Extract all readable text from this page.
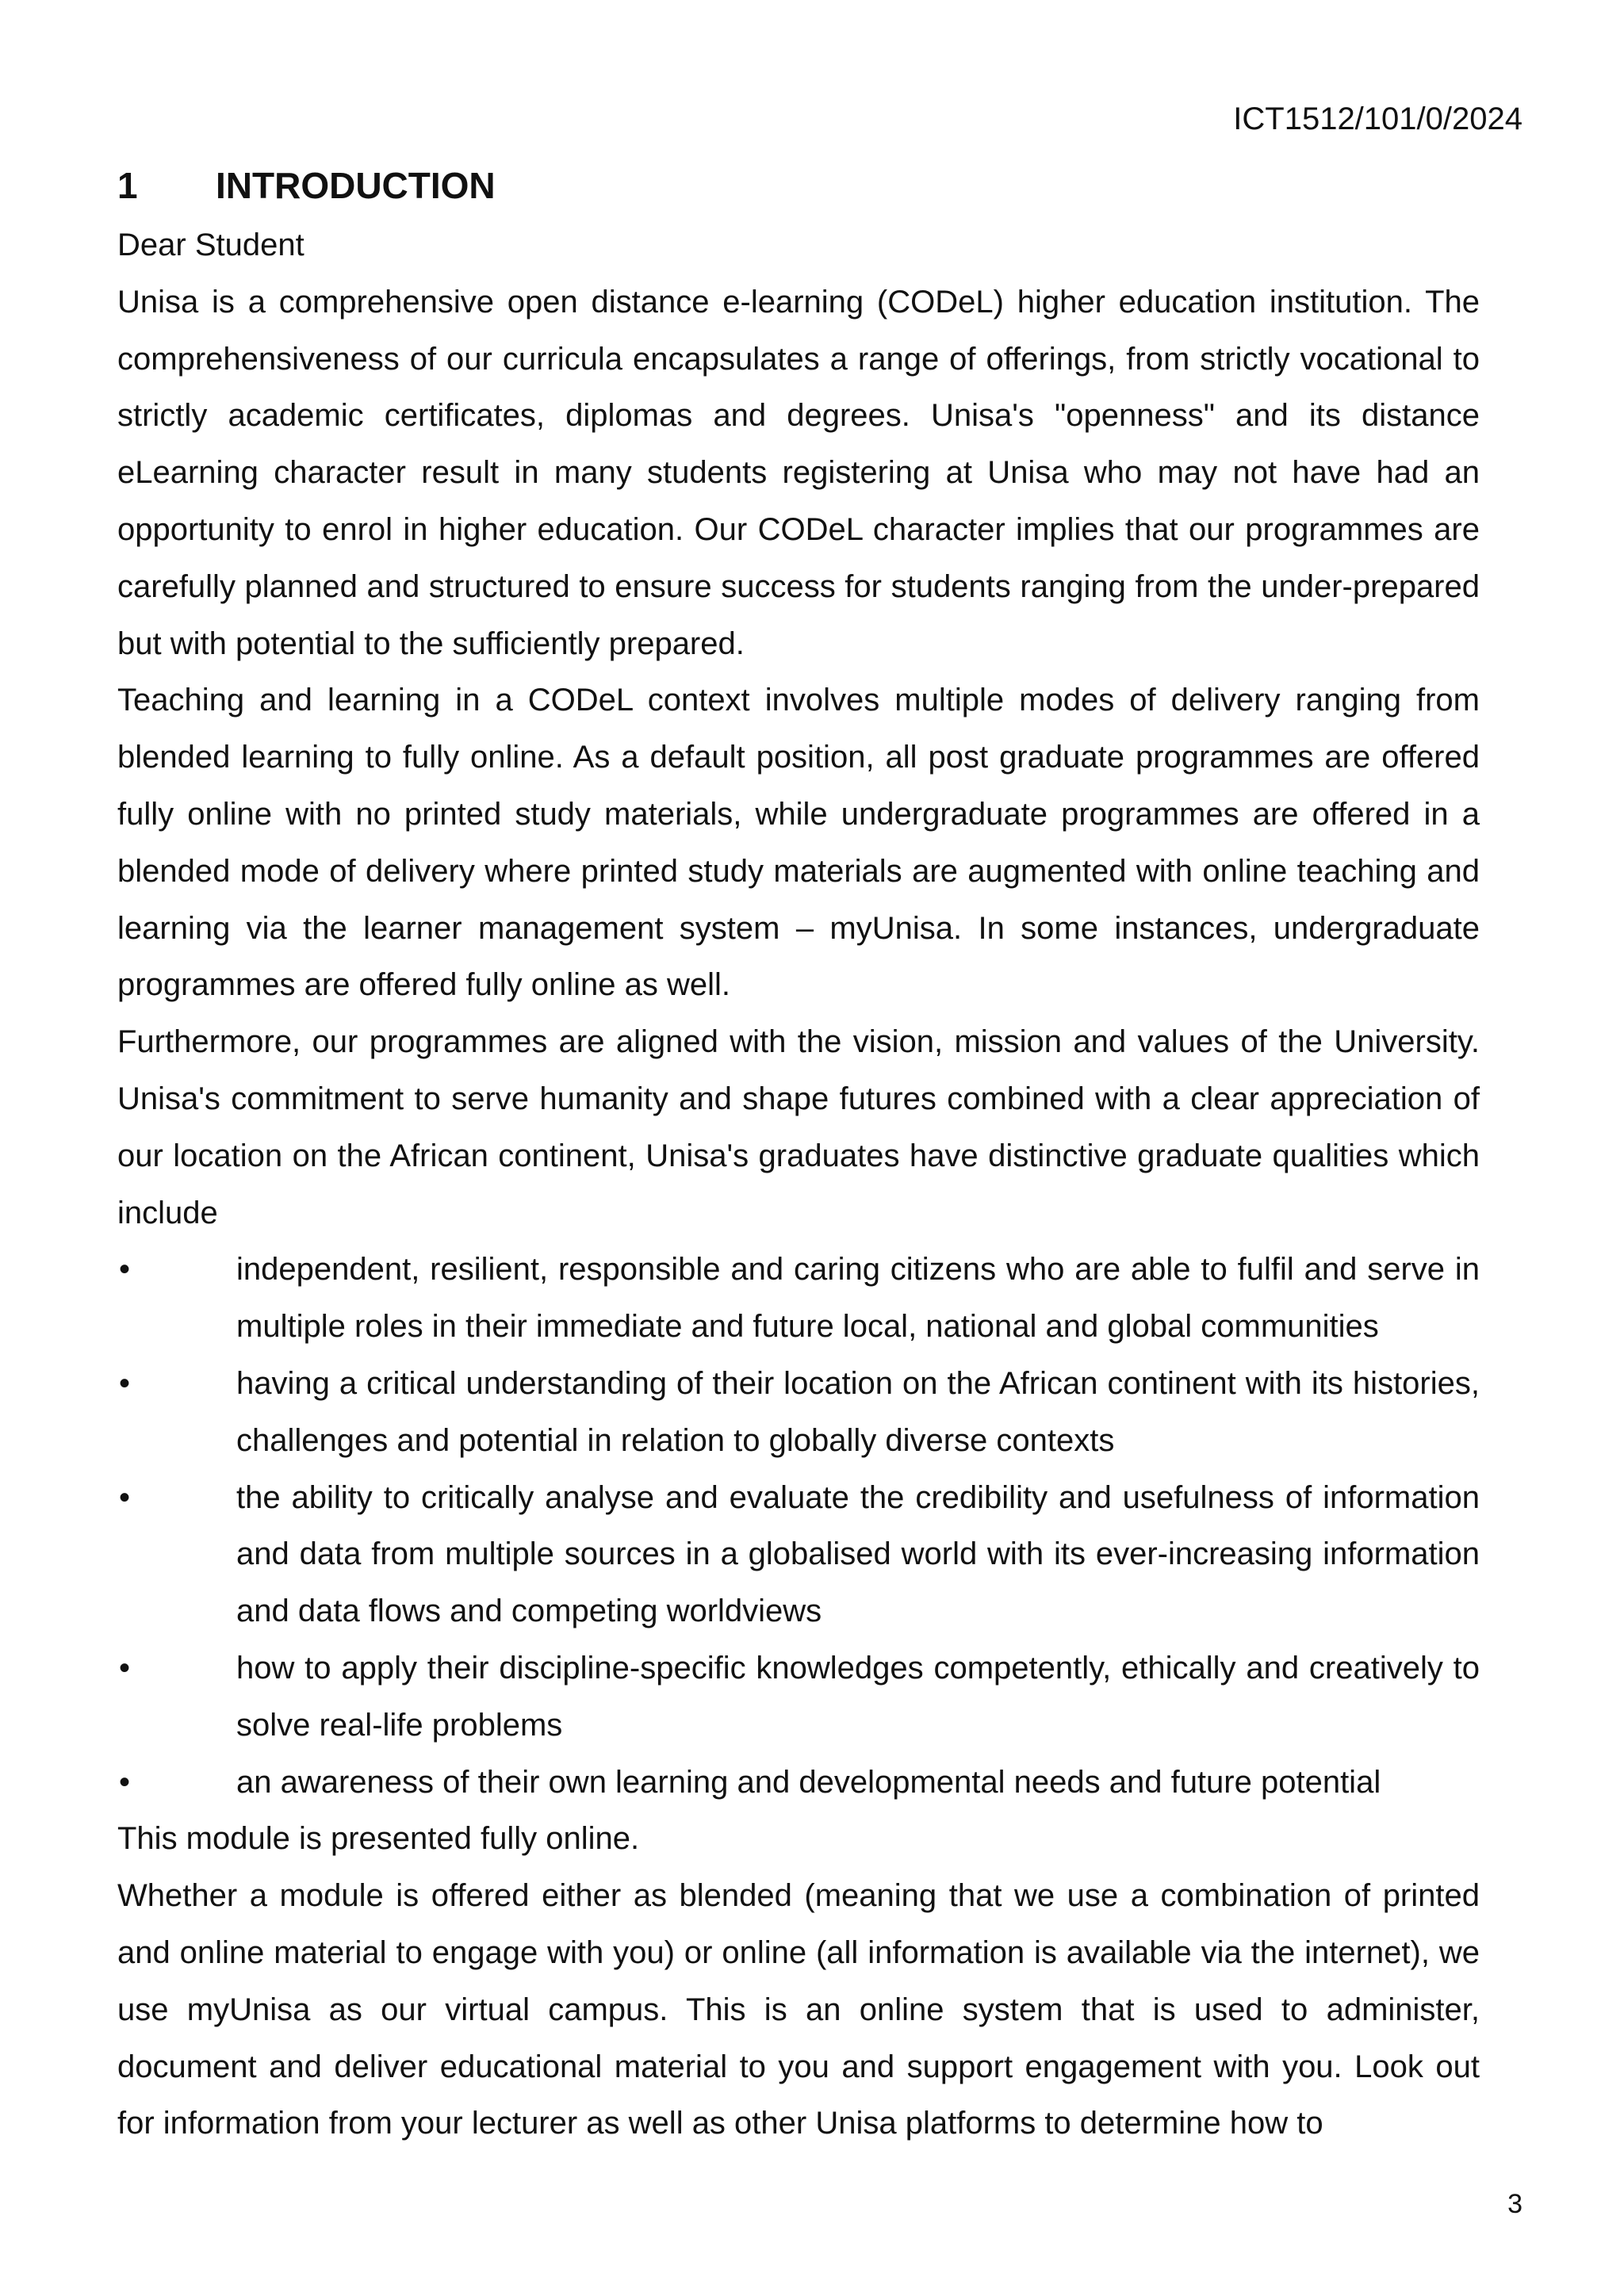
ICT1512/101/0/2024

1	INTRODUCTION

Dear Student

Unisa is a comprehensive open distance e-learning (CODeL) higher education institution. The comprehensiveness of our curricula encapsulates a range of offerings, from strictly vocational to strictly academic certificates, diplomas and degrees. Unisa's "openness" and its distance eLearning character result in many students registering at Unisa who may not have had an opportunity to enrol in higher education. Our CODeL character implies that our programmes are carefully planned and structured to ensure success for students ranging from the under-prepared but with potential to the sufficiently prepared.

Teaching and learning in a CODeL context involves multiple modes of delivery ranging from blended learning to fully online. As a default position, all post graduate programmes are offered fully online with no printed study materials, while undergraduate programmes are offered in a blended mode of delivery where printed study materials are augmented with online teaching and learning via the learner management system – myUnisa. In some instances, undergraduate programmes are offered fully online as well.

Furthermore, our programmes are aligned with the vision, mission and values of the University. Unisa's commitment to serve humanity and shape futures combined with a clear appreciation of our location on the African continent, Unisa's graduates have distinctive graduate qualities which include

•	independent, resilient, responsible and caring citizens who are able to fulfil and serve in multiple roles in their immediate and future local, national and global communities
•	having a critical understanding of their location on the African continent with its histories, challenges and potential in relation to globally diverse contexts
•	the ability to critically analyse and evaluate the credibility and usefulness of information and data from multiple sources in a globalised world with its ever-increasing information and data flows and competing worldviews
•	how to apply their discipline-specific knowledges competently, ethically and creatively to solve real-life problems
•	an awareness of their own learning and developmental needs and future potential

This module is presented fully online.

Whether a module is offered either as blended (meaning that we use a combination of printed and online material to engage with you) or online (all information is available via the internet), we use myUnisa as our virtual campus. This is an online system that is used to administer, document and deliver educational material to you and support engagement with you. Look out for information from your lecturer as well as other Unisa platforms to determine how to

3
